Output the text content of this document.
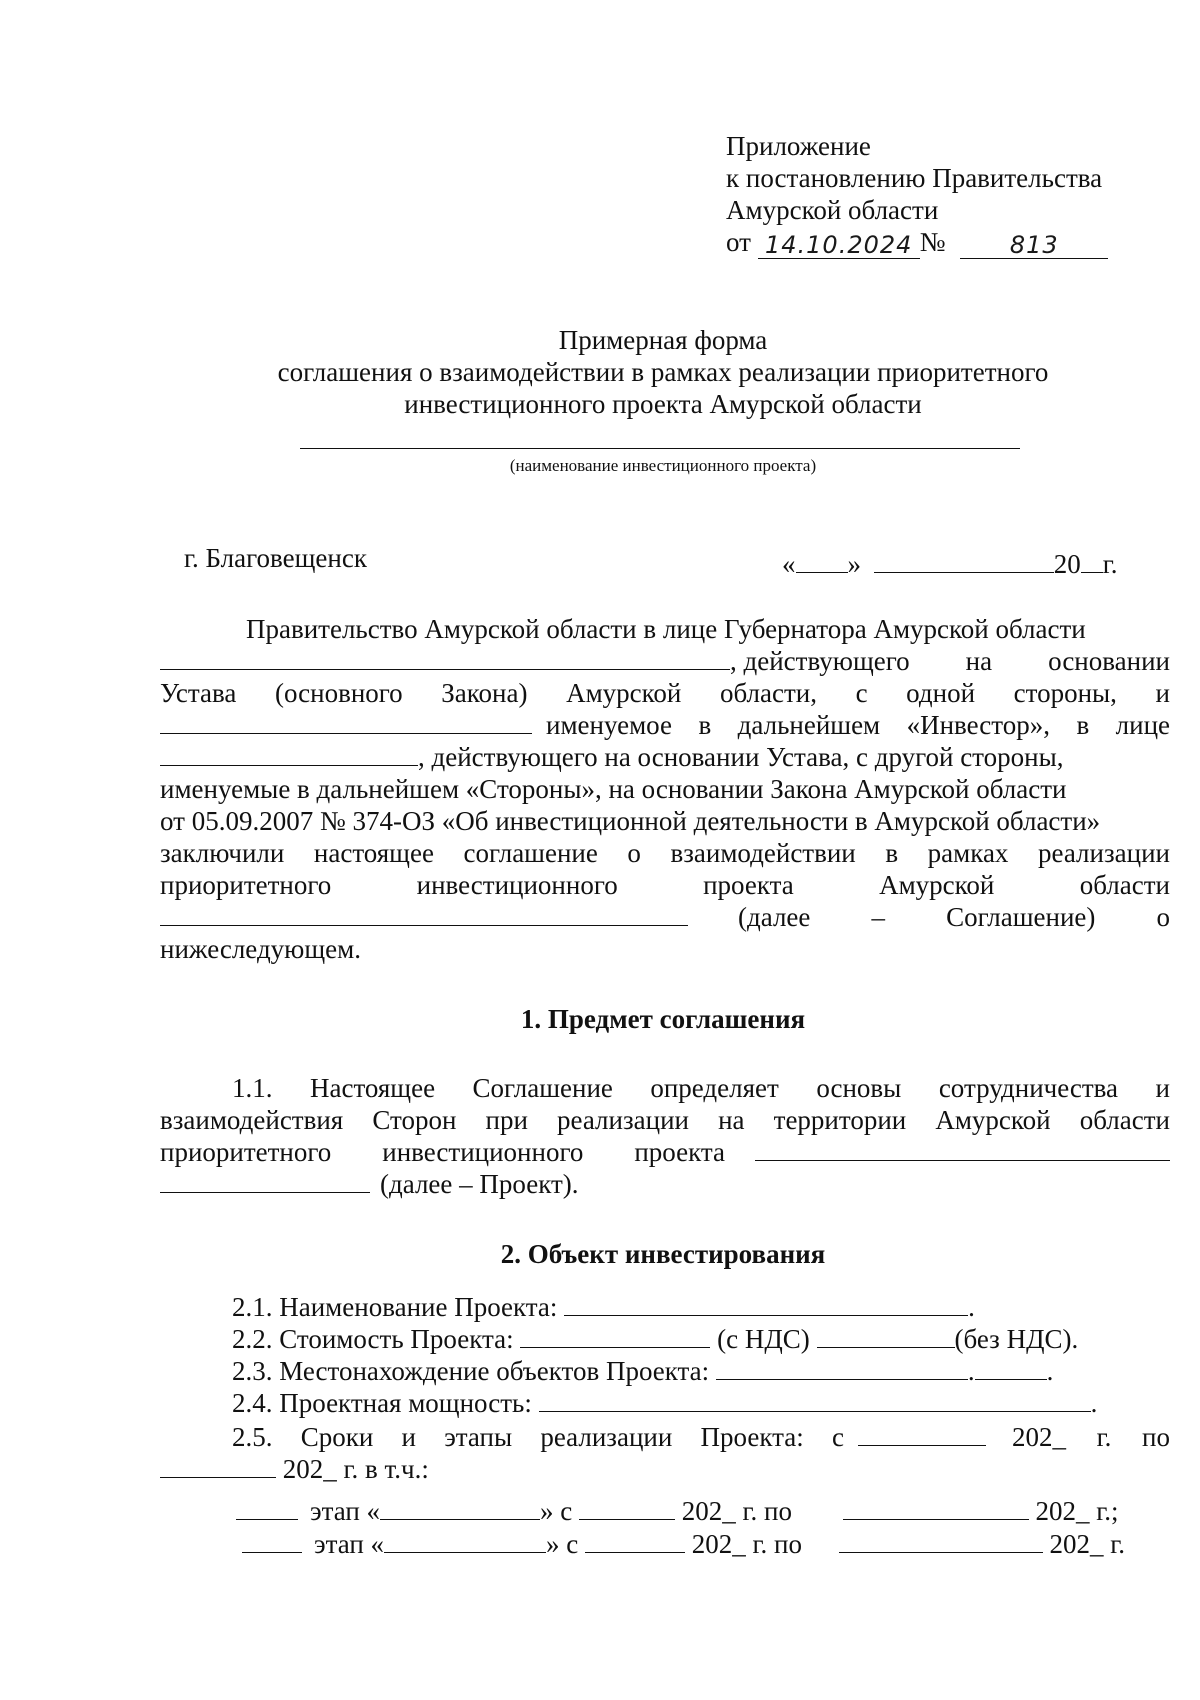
Приложение
к постановлению Правительства
Амурской области
от 14.10.2024 №	813
Примерная форма
соглашения о взаимодействии в рамках реализации приоритетного
инвестиционного проекта Амурской области
(наименование инвестиционного проекта)
г. Благовещенск	« »	20 г.
Правительство Амурской области в лице Губернатора Амурской области
, действующего на основании
Устава (основного Закона) Амурской области, с одной стороны, и
именуемое в дальнейшем «Инвестор», в лице
, действующего на основании Устава, с другой стороны,
именуемые в дальнейшем «Стороны», на основании Закона Амурской области
от 05.09.2007 № 374-ОЗ «Об инвестиционной деятельности в Амурской области»
заключили настоящее соглашение о взаимодействии в рамках реализации
приоритетного	инвестиционного	проекта	Амурской	области
(далее – Соглашение) о
нижеследующем.
1. Предмет соглашения
1.1. Настоящее Соглашение определяет основы сотрудничества и
взаимодействия Сторон при реализации на территории Амурской области
приоритетного инвестиционного проекта
(далее – Проект).
2. Объект инвестирования
2.1. Наименование Проекта:	.
2.2. Стоимость Проекта:	(с НДС)	(без НДС).
2.3. Местонахождение объектов Проекта:	.	.
2.4. Проектная мощность:	.
2.5. Сроки и этапы реализации Проекта: с	202_ г. по
202_ г. в т.ч.:
этап «	» с	202_ г. по	202_ г.;
этап «	» с	202_ г. по	202_ г.
